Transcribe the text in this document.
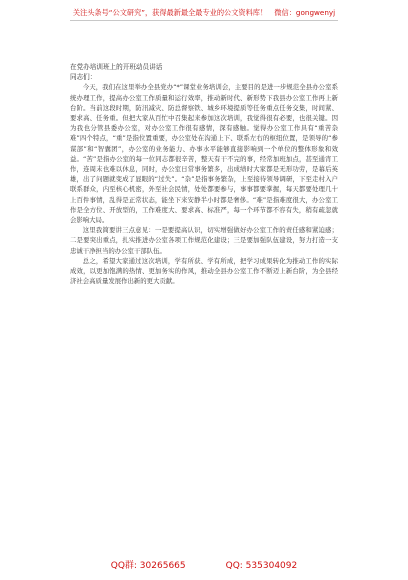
关注头条号“公文研究”，获得最新最全最专业的公文资料库！　微信：gongwenyj
在党办培训班上的开班动员讲话
同志们：

今天，我们在这里举办全县党办“*”课堂业务培训会，主要目的是进一步规范全县办公室系统办理工作，提高办公室工作质量和运行效率，推动新时代、新形势下我县办公室工作再上新台阶。当前这段时期，防汛减灾、防总督察铁、城乡环境提质等任务重点任务交集，时间紧、要求高、任务重。但把大家从百忙中召集起来参加这次培训，我觉得很有必要，也很关键。因为我也分管县委办公室，对办公室工作很有感情，深有感触。觉得办公室工作具有“重苦杂难”四个特点，“重”是指位置重要，办公室处在沟通上下、联系左右的枢纽位置，是领导的“参谋部”和“智囊团”，办公室的业务能力、办事水平能够直接影响到一个单位的整体形象和效益。“苦”是指办公室的每一位同志都很辛苦，整天有干不完的事，经常加班加点，甚至通宵工作，连周末也难以休息，同时，办公室日常事务繁多，出成绩时大家都是无形功劳，是幕后英雄，出了问题就变成了显眼的“过失”。“杂”是指事务繁杂，上至接待领导调研，下至走村入户联系群众，内至核心机密，外至社会民情，处处都要参与，事事都要掌握，每天都要处理几十上百件事情，乱得是正常状态，能坐下来安静半小时都是奢侈。“难”是指难度很大，办公室工作是全方位、开放型的，工作难度大、要求高、标准严，每一个环节都不容有失，稍有疏忽就会影响大局。

这里我简要讲三点意见：一是要提高认识，切实增强做好办公室工作的责任感和紧迫感；二是要突出重点，扎实推进办公室各项工作规范化建设；三是要加强队伍建设，努力打造一支忠诚干净担当的办公室干部队伍。

总之，希望大家通过这次培训，学有所获、学有所成，把学习成果转化为推动工作的实际成效，以更加饱满的热情、更加务实的作风，推动全县办公室工作不断迈上新台阶，为全县经济社会高质量发展作出新的更大贡献。

QQ群: 30265665	QQ: 535304092
